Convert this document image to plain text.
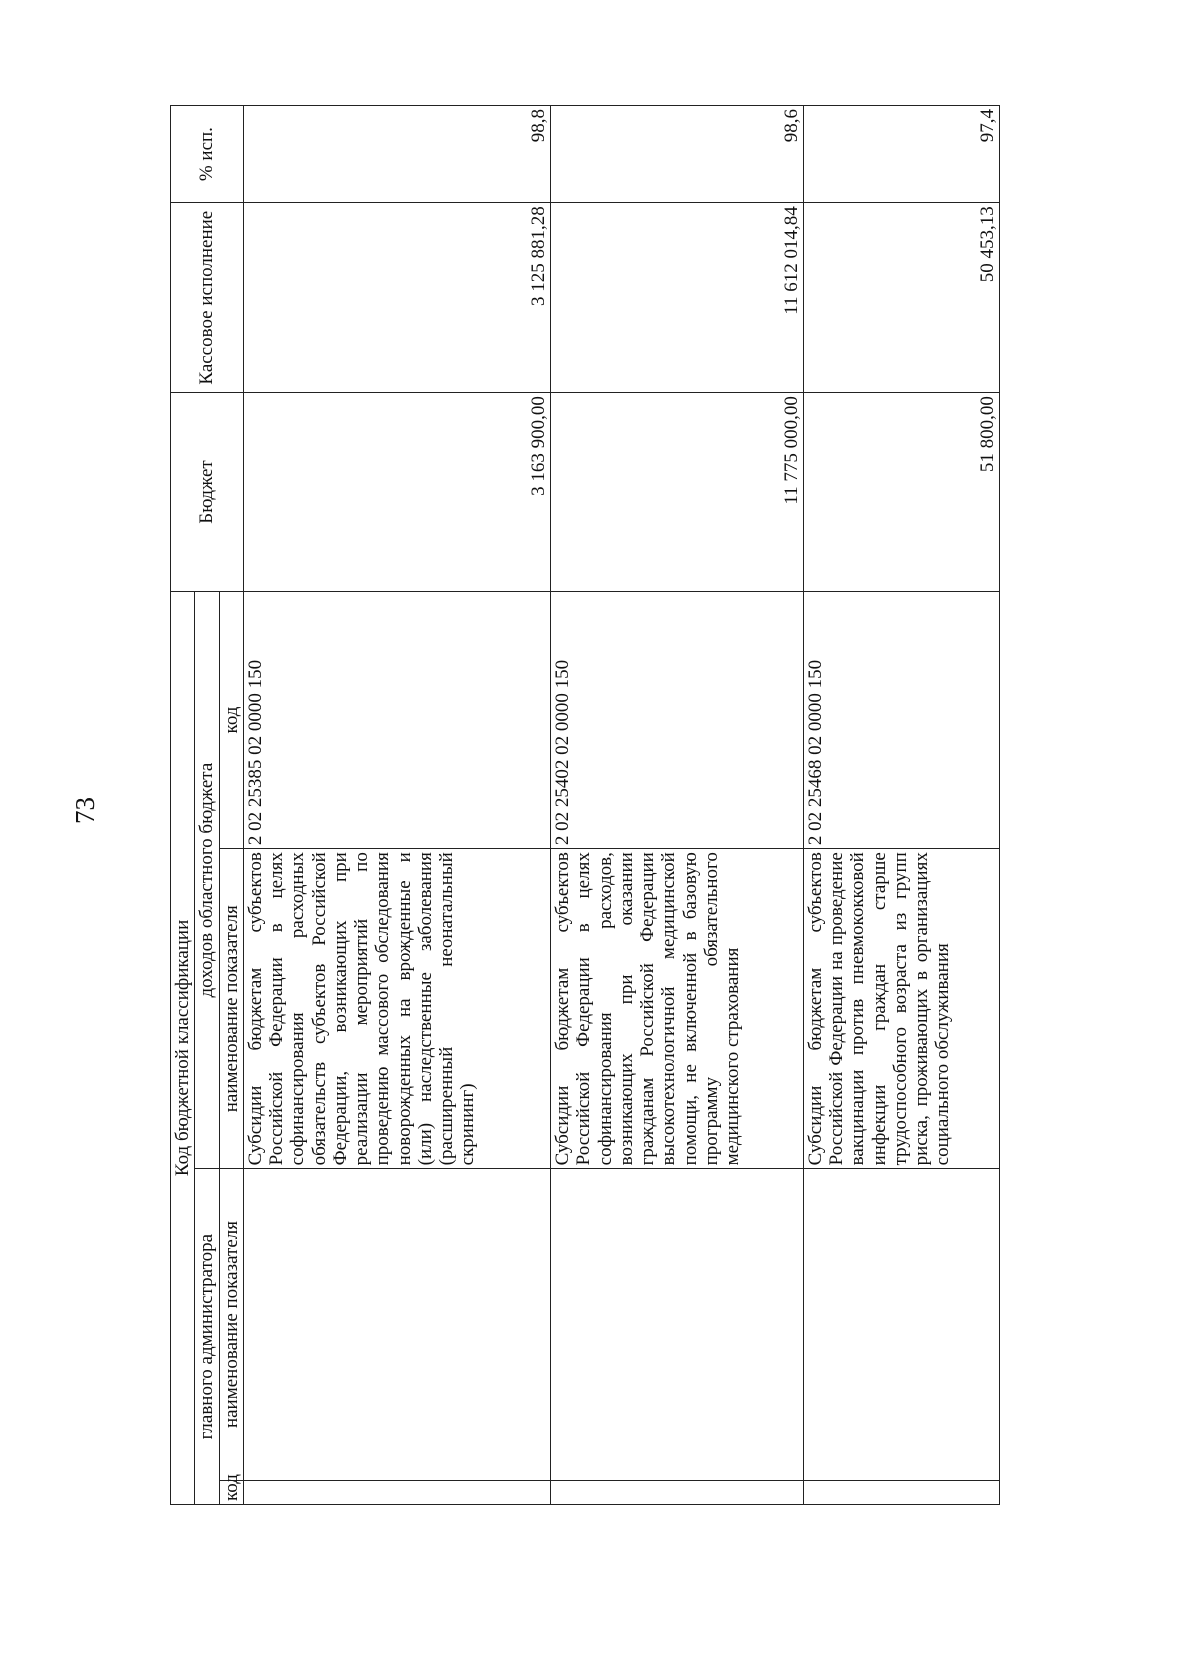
73
Код бюджетной классификации				Бюджет	Кассовое исполнение	% исп.
главного администратора		доходов областного бюджета				
код	наименование показателя	наименование показателя	код			
		Субсидии бюджетам субъектов Российской Федерации в целях софинансирования расходных обязательств субъектов Российской Федерации, возникающих при реализации мероприятий по проведению массового обследования новорожденных на врожденные и (или) наследственные заболевания (расширенный неонатальный скрининг)	2 02 25385 02 0000 150	3 163 900,00	3 125 881,28	98,8
		Субсидии бюджетам субъектов Российской Федерации в целях софинансирования расходов, возникающих при оказании гражданам Российской Федерации высокотехнологичной медицинской помощи, не включенной в базовую программу обязательного медицинского страхования	2 02 25402 02 0000 150	11 775 000,00	11 612 014,84	98,6
		Субсидии бюджетам субъектов Российской Федерации на проведение вакцинации против пневмококковой инфекции граждан старше трудоспособного возраста из групп риска, проживающих в организациях социального обслуживания	2 02 25468 02 0000 150	51 800,00	50 453,13	97,4
